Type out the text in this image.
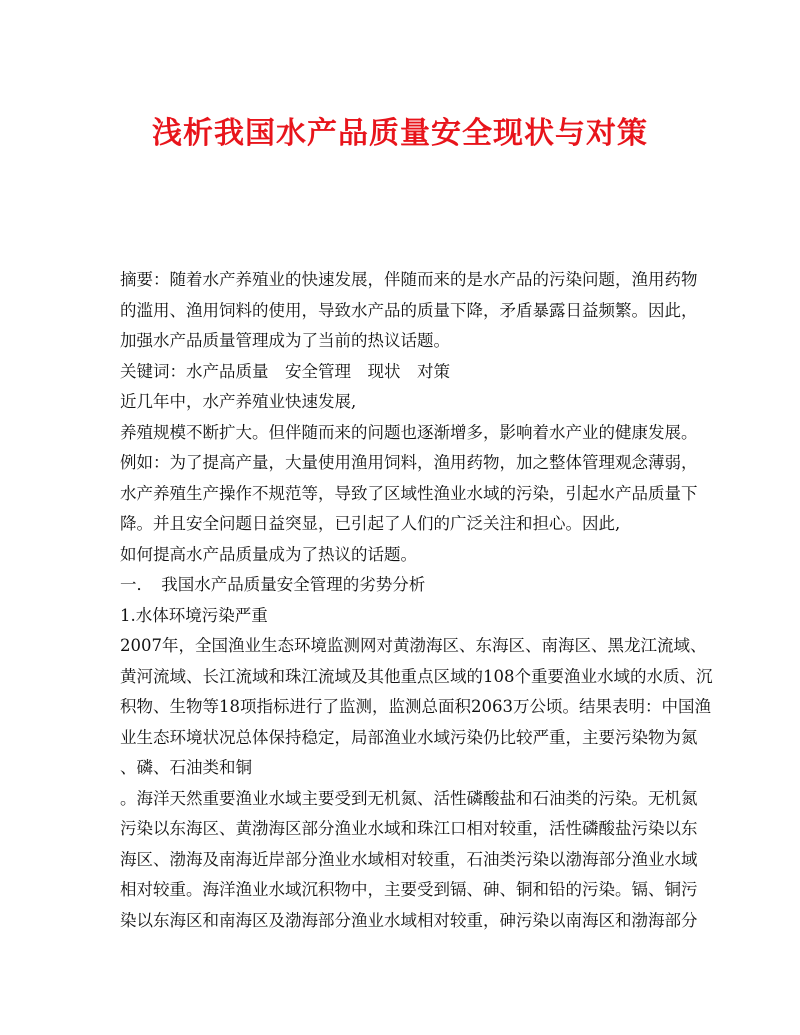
浅析我国水产品质量安全现状与对策
摘要：随着水产养殖业的快速发展，伴随而来的是水产品的污染问题，渔用药物
的滥用、渔用饲料的使用，导致水产品的质量下降，矛盾暴露日益频繁。因此，
加强水产品质量管理成为了当前的热议话题。
关键词：水产品质量　安全管理　现状　对策
近几年中，水产养殖业快速发展,
养殖规模不断扩大。但伴随而来的问题也逐渐增多，影响着水产业的健康发展。
例如：为了提高产量，大量使用渔用饲料，渔用药物，加之整体管理观念薄弱，
水产养殖生产操作不规范等，导致了区域性渔业水域的污染，引起水产品质量下
降。并且安全问题日益突显，已引起了人们的广泛关注和担心。因此,
如何提高水产品质量成为了热议的话题。
一．　我国水产品质量安全管理的劣势分析
1.水体环境污染严重
2007年，全国渔业生态环境监测网对黄渤海区、东海区、南海区、黑龙江流域、
黄河流域、长江流域和珠江流域及其他重点区域的108个重要渔业水域的水质、沉
积物、生物等18项指标进行了监测，监测总面积2063万公顷。结果表明：中国渔
业生态环境状况总体保持稳定，局部渔业水域污染仍比较严重，主要污染物为氮
、磷、石油类和铜
。海洋天然重要渔业水域主要受到无机氮、活性磷酸盐和石油类的污染。无机氮
污染以东海区、黄渤海区部分渔业水域和珠江口相对较重，活性磷酸盐污染以东
海区、渤海及南海近岸部分渔业水域相对较重，石油类污染以渤海部分渔业水域
相对较重。海洋渔业水域沉积物中，主要受到镉、砷、铜和铅的污染。镉、铜污
染以东海区和南海区及渤海部分渔业水域相对较重，砷污染以南海区和渤海部分
